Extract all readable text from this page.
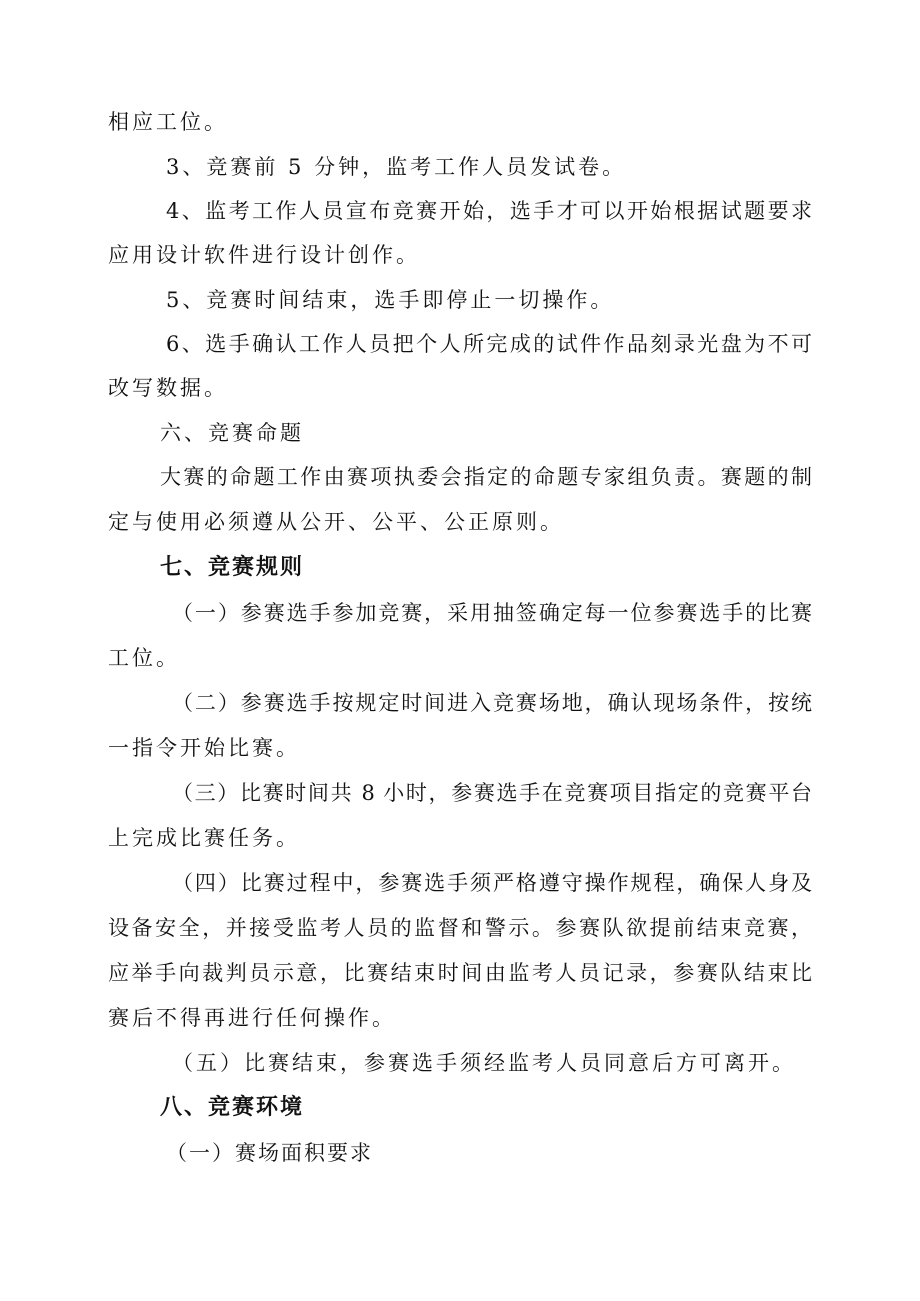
相应工位。
3、竞赛前 5 分钟，监考工作人员发试卷。
4、监考工作人员宣布竞赛开始，选手才可以开始根据试题要求
应用设计软件进行设计创作。
5、竞赛时间结束，选手即停止一切操作。
6、选手确认工作人员把个人所完成的试件作品刻录光盘为不可
改写数据。
六、竞赛命题
大赛的命题工作由赛项执委会指定的命题专家组负责。赛题的制
定与使用必须遵从公开、公平、公正原则。
七、竞赛规则
（一）参赛选手参加竞赛，采用抽签确定每一位参赛选手的比赛
工位。
（二）参赛选手按规定时间进入竞赛场地，确认现场条件，按统
一指令开始比赛。
（三）比赛时间共 8 小时，参赛选手在竞赛项目指定的竞赛平台
上完成比赛任务。
（四）比赛过程中，参赛选手须严格遵守操作规程，确保人身及
设备安全，并接受监考人员的监督和警示。参赛队欲提前结束竞赛，
应举手向裁判员示意，比赛结束时间由监考人员记录，参赛队结束比
赛后不得再进行任何操作。
（五）比赛结束，参赛选手须经监考人员同意后方可离开。
八、竞赛环境
（一）赛场面积要求
